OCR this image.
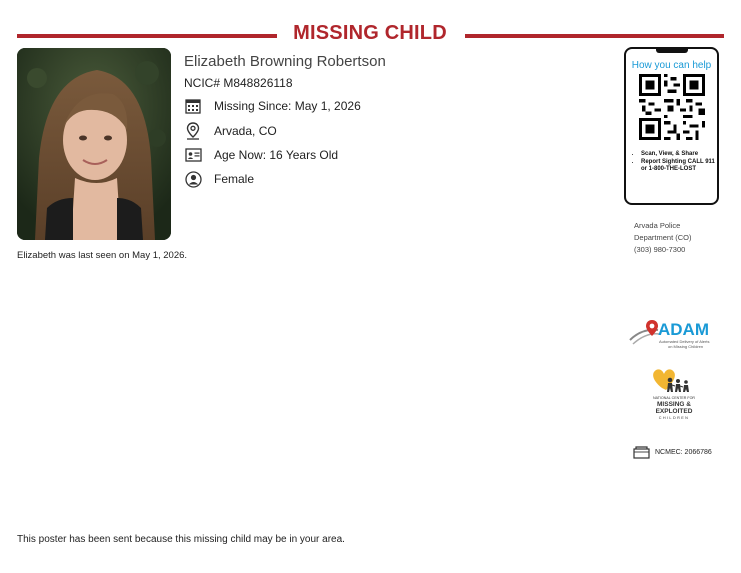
MISSING CHILD
Elizabeth Browning Robertson
NCIC# M848826118
Missing Since: May 1, 2026
Arvada, CO
Age Now: 16 Years Old
Female
Elizabeth was last seen on May 1, 2026.
How you can help
• Scan, View, & Share
• Report Sighting CALL 911 or 1-800-THE-LOST
Arvada Police
Department (CO)
(303) 980-7300
ADAM
Automated Delivery of Alerts
on Missing Children
NATIONAL CENTER FOR
MISSING &
EXPLOITED
CHILDREN
NCMEC: 2066786
This poster has been sent because this missing child may be in your area.
